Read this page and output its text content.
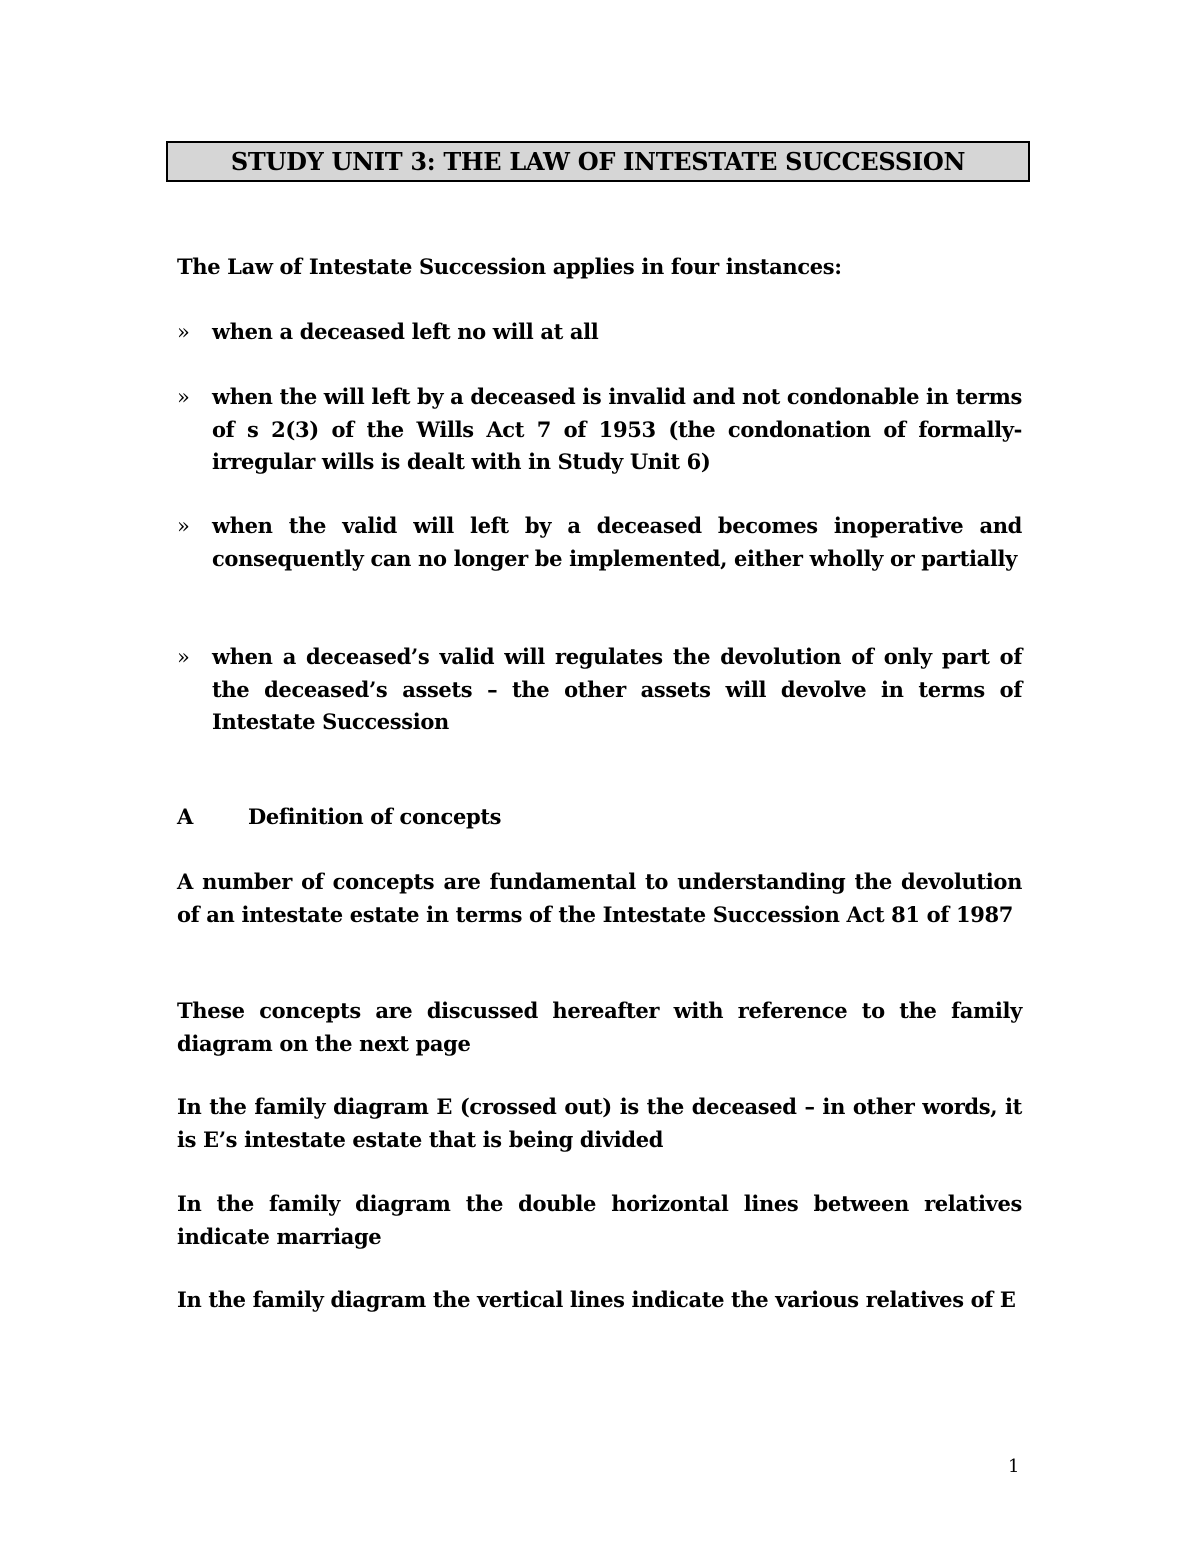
STUDY UNIT 3: THE LAW OF INTESTATE SUCCESSION

The Law of Intestate Succession applies in four instances:

»	when a deceased left no will at all
»	when the will left by a deceased is invalid and not condonable in terms of s 2(3) of the Wills Act 7 of 1953 (the condonation of formally-irregular wills is dealt with in Study Unit 6)
»	when the valid will left by a deceased becomes inoperative and consequently can no longer be implemented, either wholly or partially
»	when a deceased’s valid will regulates the devolution of only part of the deceased’s assets – the other assets will devolve in terms of Intestate Succession
A	Definition of concepts

A number of concepts are fundamental to understanding the devolution of an intestate estate in terms of the Intestate Succession Act 81 of 1987

These concepts are discussed hereafter with reference to the family diagram on the next page

In the family diagram E (crossed out) is the deceased – in other words, it is E’s intestate estate that is being divided

In the family diagram the double horizontal lines between relatives indicate marriage

In the family diagram the vertical lines indicate the various relatives of E

1
